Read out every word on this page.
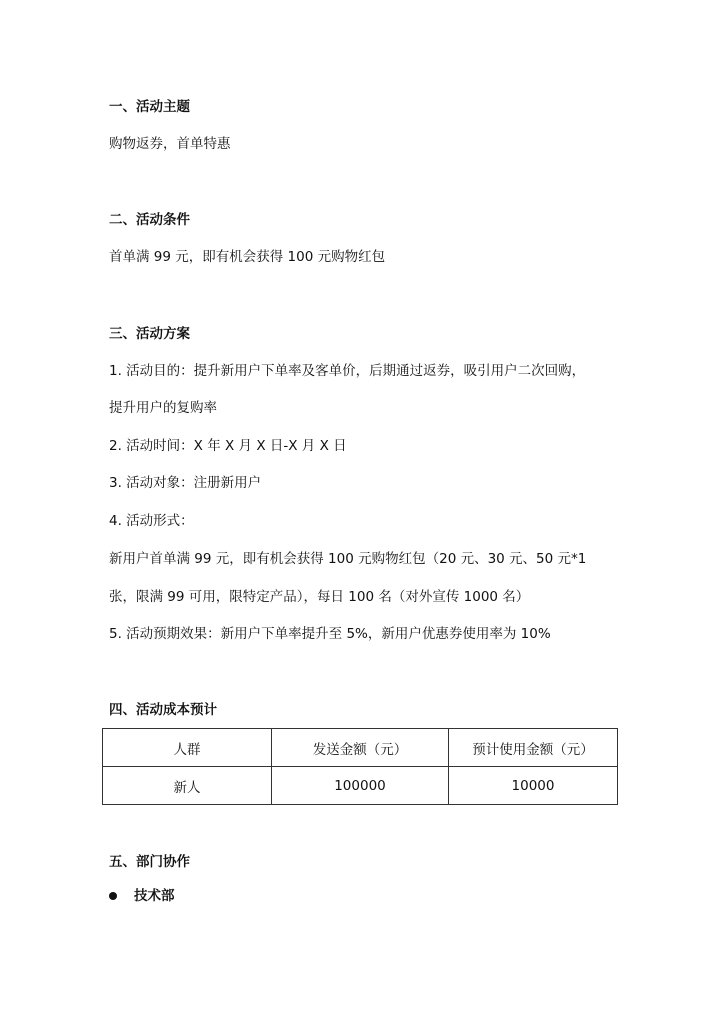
一、活动主题
购物返券，首单特惠
二、活动条件
首单满 99 元，即有机会获得 100 元购物红包
三、活动方案
1. 活动目的：提升新用户下单率及客单价，后期通过返券，吸引用户二次回购，
提升用户的复购率
2. 活动时间：X 年 X 月 X 日-X 月 X 日
3. 活动对象：注册新用户
4. 活动形式：
新用户首单满 99 元，即有机会获得 100 元购物红包（20 元、30 元、50 元*1
张，限满 99 可用，限特定产品），每日 100 名（对外宣传 1000 名）
5. 活动预期效果：新用户下单率提升至 5%，新用户优惠券使用率为 10%
四、活动成本预计
人群	发送金额（元）	预计使用金额（元）
新人	100000	10000
五、部门协作
技术部
